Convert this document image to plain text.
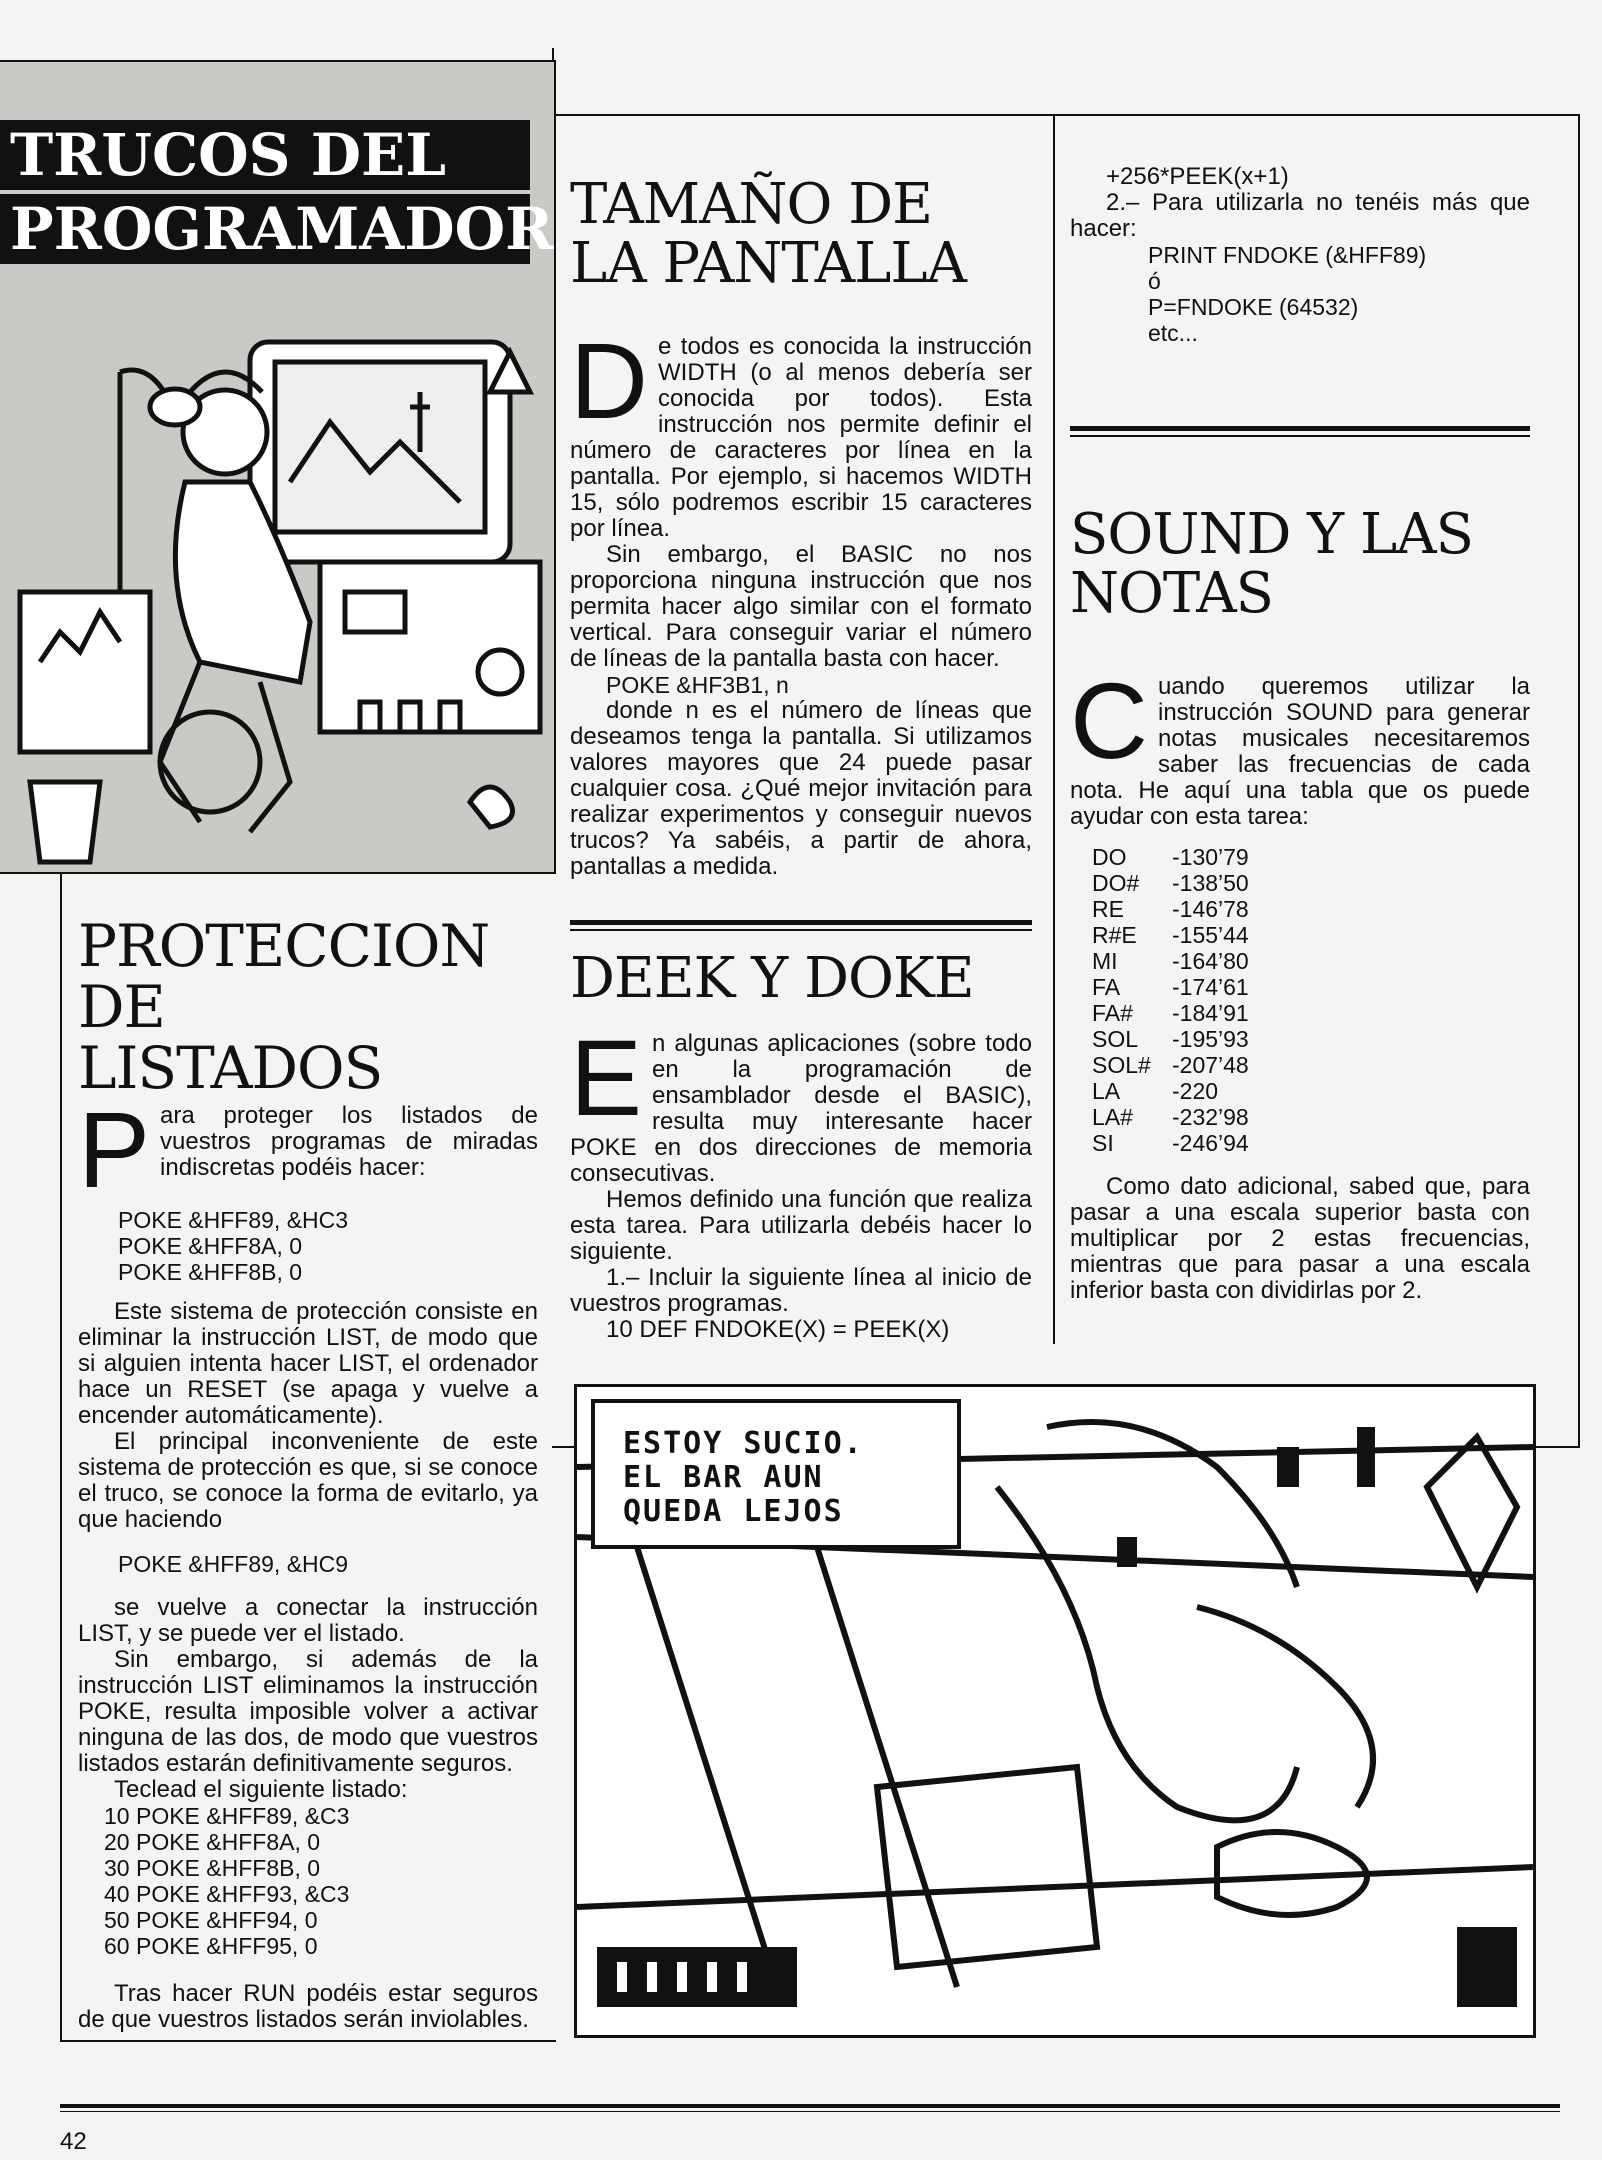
TRUCOS DEL
PROGRAMADOR
PROTECCION DE
LISTADOS

Para proteger los listados de vuestros programas de miradas indiscretas podéis hacer:

POKE &HFF89, &HC3
POKE &HFF8A, 0
POKE &HFF8B, 0

Este sistema de protección consiste en eliminar la instrucción LIST, de modo que si alguien intenta hacer LIST, el ordenador hace un RESET (se apaga y vuelve a encender automáticamente).

El principal inconveniente de este sistema de protección es que, si se conoce el truco, se conoce la forma de evitarlo, ya que haciendo

POKE &HFF89, &HC9

se vuelve a conectar la instrucción LIST, y se puede ver el listado.

Sin embargo, si además de la instrucción LIST eliminamos la instrucción POKE, resulta imposible volver a activar ninguna de las dos, de modo que vuestros listados estarán definitivamente seguros.

Teclead el siguiente listado:

10 POKE &HFF89, &C3
20 POKE &HFF8A, 0
30 POKE &HFF8B, 0
40 POKE &HFF93, &C3
50 POKE &HFF94, 0
60 POKE &HFF95, 0

Tras hacer RUN podéis estar seguros de que vuestros listados serán inviolables.

TAMAÑO DE
LA PANTALLA

De todos es conocida la instrucción WIDTH (o al menos debería ser conocida por todos). Esta instrucción nos permite definir el número de caracteres por línea en la pantalla. Por ejemplo, si hacemos WIDTH 15, sólo podremos escribir 15 caracteres por línea.

Sin embargo, el BASIC no nos proporciona ninguna instrucción que nos permita hacer algo similar con el formato vertical. Para conseguir variar el número de líneas de la pantalla basta con hacer.

POKE &HF3B1, n

donde n es el número de líneas que deseamos tenga la pantalla. Si utilizamos valores mayores que 24 puede pasar cualquier cosa. ¿Qué mejor invitación para realizar experimentos y conseguir nuevos trucos? Ya sabéis, a partir de ahora, pantallas a medida.

DEEK Y DOKE

En algunas aplicaciones (sobre todo en la programación de ensamblador desde el BASIC), resulta muy interesante hacer POKE en dos direcciones de memoria consecutivas.

Hemos definido una función que realiza esta tarea. Para utilizarla debéis hacer lo siguiente.

1.– Incluir la siguiente línea al inicio de vuestros programas.

10 DEF FNDOKE(X) = PEEK(X)

+256*PEEK(x+1)

2.– Para utilizarla no tenéis más que hacer:

PRINT FNDOKE (&HFF89)
ó
P=FNDOKE (64532)
etc...
SOUND Y LAS
NOTAS

Cuando queremos utilizar la instrucción SOUND para generar notas musicales necesitaremos saber las frecuencias de cada nota. He aquí una tabla que os puede ayudar con esta tarea:

DO	-130’79
DO#	-138’50
RE	-146’78
R#E	-155’44
MI	-164’80
FA	-174’61
FA#	-184’91
SOL	-195’93
SOL# -207’48
LA	-220
LA#	-232’98
SI	-246’94

Como dato adicional, sabed que, para pasar a una escala superior basta con multiplicar por 2 estas frecuencias, mientras que para pasar a una escala inferior basta con dividirlas por 2.

ESTOY SUCIO.
EL BAR AUN
QUEDA LEJOS
42
